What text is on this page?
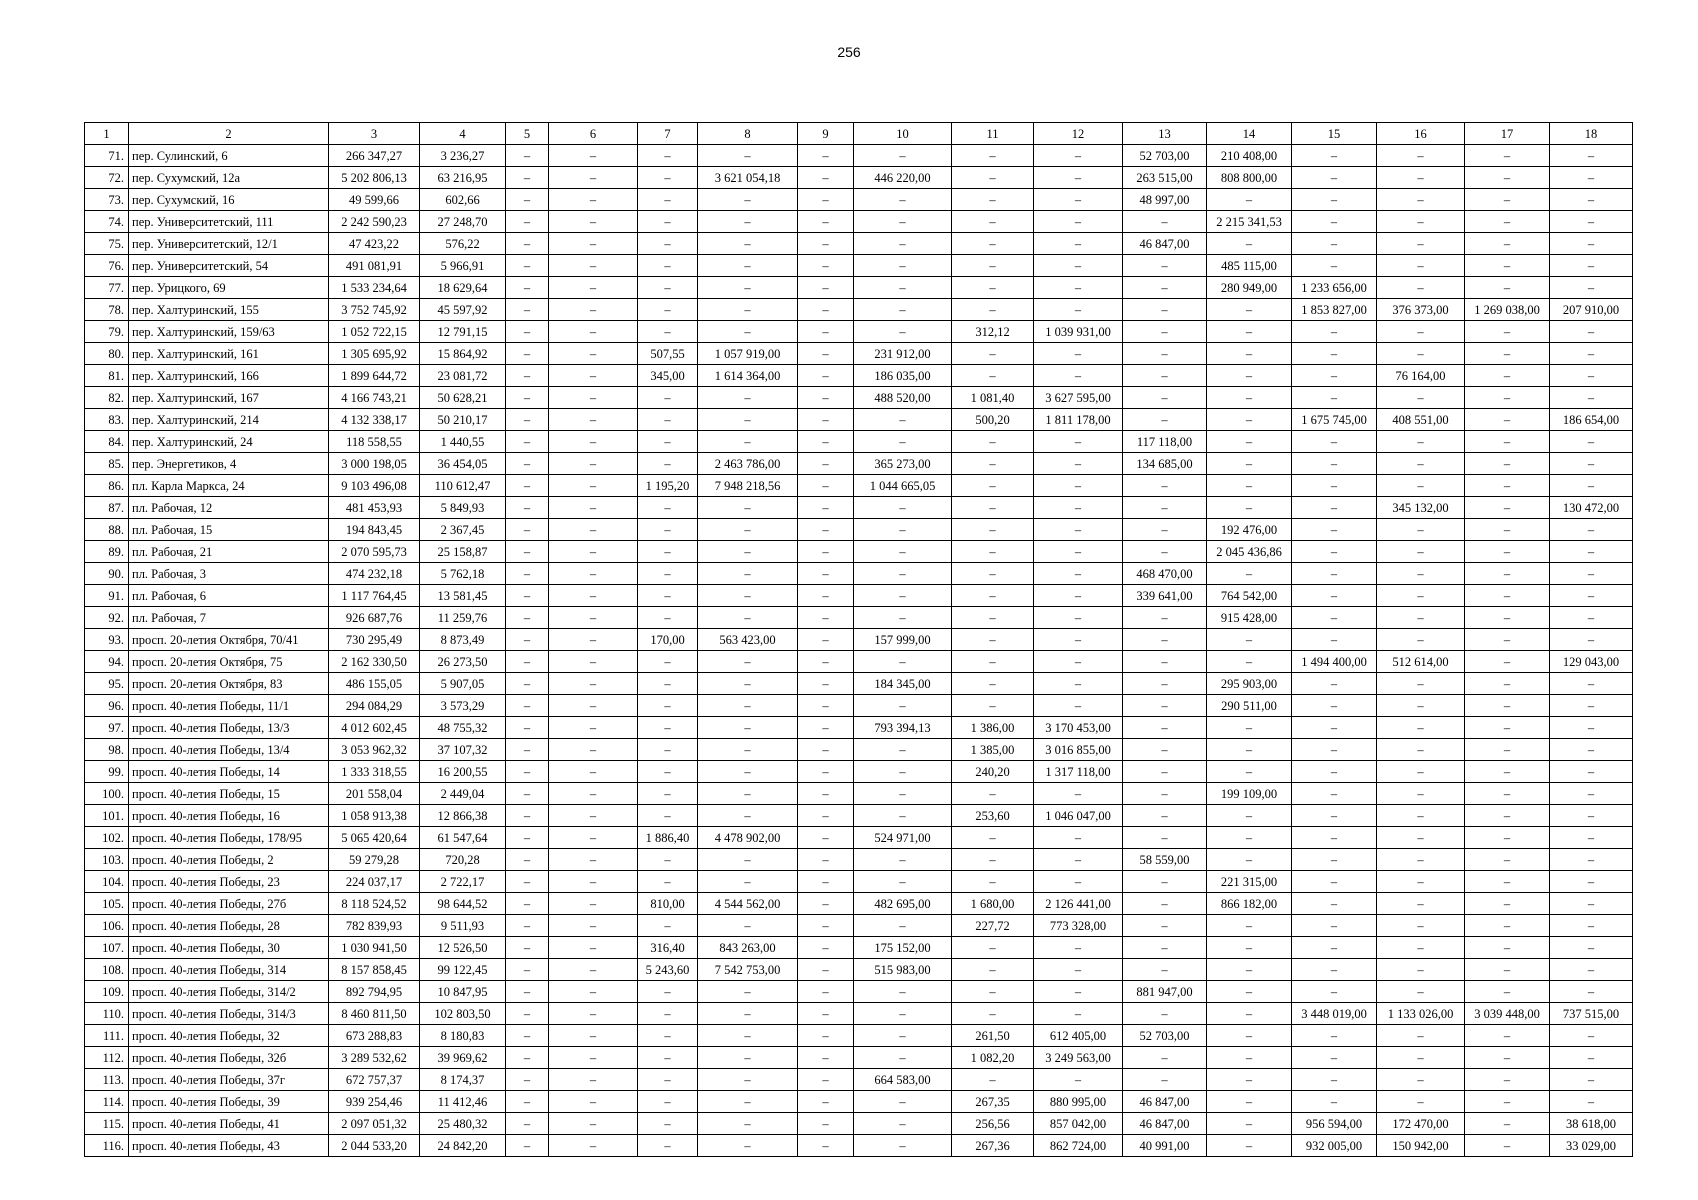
256
1	2	3	4	5	6	7	8	9	10	11	12	13	14	15	16	17	18
71.	пер. Сулинский, 6	266 347,27	3 236,27	–	–	–	–	–	–	–	–	52 703,00	210 408,00	–	–	–	–
72.	пер. Сухумский, 12а	5 202 806,13	63 216,95	–	–	–	3 621 054,18	–	446 220,00	–	–	263 515,00	808 800,00	–	–	–	–
73.	пер. Сухумский, 16	49 599,66	602,66	–	–	–	–	–	–	–	–	48 997,00	–	–	–	–	–
74.	пер. Университетский, 111	2 242 590,23	27 248,70	–	–	–	–	–	–	–	–	–	2 215 341,53	–	–	–	–
75.	пер. Университетский, 12/1	47 423,22	576,22	–	–	–	–	–	–	–	–	46 847,00	–	–	–	–	–
76.	пер. Университетский, 54	491 081,91	5 966,91	–	–	–	–	–	–	–	–	–	485 115,00	–	–	–	–
77.	пер. Урицкого, 69	1 533 234,64	18 629,64	–	–	–	–	–	–	–	–	–	280 949,00	1 233 656,00	–	–	–
78.	пер. Халтуринский, 155	3 752 745,92	45 597,92	–	–	–	–	–	–	–	–	–	–	1 853 827,00	376 373,00	1 269 038,00	207 910,00
79.	пер. Халтуринский, 159/63	1 052 722,15	12 791,15	–	–	–	–	–	–	312,12	1 039 931,00	–	–	–	–	–	–
80.	пер. Халтуринский, 161	1 305 695,92	15 864,92	–	–	507,55	1 057 919,00	–	231 912,00	–	–	–	–	–	–	–	–
81.	пер. Халтуринский, 166	1 899 644,72	23 081,72	–	–	345,00	1 614 364,00	–	186 035,00	–	–	–	–	–	76 164,00	–	–
82.	пер. Халтуринский, 167	4 166 743,21	50 628,21	–	–	–	–	–	488 520,00	1 081,40	3 627 595,00	–	–	–	–	–	–
83.	пер. Халтуринский, 214	4 132 338,17	50 210,17	–	–	–	–	–	–	500,20	1 811 178,00	–	–	1 675 745,00	408 551,00	–	186 654,00
84.	пер. Халтуринский, 24	118 558,55	1 440,55	–	–	–	–	–	–	–	–	117 118,00	–	–	–	–	–
85.	пер. Энергетиков, 4	3 000 198,05	36 454,05	–	–	–	2 463 786,00	–	365 273,00	–	–	134 685,00	–	–	–	–	–
86.	пл. Карла Маркса, 24	9 103 496,08	110 612,47	–	–	1 195,20	7 948 218,56	–	1 044 665,05	–	–	–	–	–	–	–	–
87.	пл. Рабочая, 12	481 453,93	5 849,93	–	–	–	–	–	–	–	–	–	–	–	345 132,00	–	130 472,00
88.	пл. Рабочая, 15	194 843,45	2 367,45	–	–	–	–	–	–	–	–	–	192 476,00	–	–	–	–
89.	пл. Рабочая, 21	2 070 595,73	25 158,87	–	–	–	–	–	–	–	–	–	2 045 436,86	–	–	–	–
90.	пл. Рабочая, 3	474 232,18	5 762,18	–	–	–	–	–	–	–	–	468 470,00	–	–	–	–	–
91.	пл. Рабочая, 6	1 117 764,45	13 581,45	–	–	–	–	–	–	–	–	339 641,00	764 542,00	–	–	–	–
92.	пл. Рабочая, 7	926 687,76	11 259,76	–	–	–	–	–	–	–	–	–	915 428,00	–	–	–	–
93.	просп. 20-летия Октября, 70/41	730 295,49	8 873,49	–	–	170,00	563 423,00	–	157 999,00	–	–	–	–	–	–	–	–
94.	просп. 20-летия Октября, 75	2 162 330,50	26 273,50	–	–	–	–	–	–	–	–	–	–	1 494 400,00	512 614,00	–	129 043,00
95.	просп. 20-летия Октября, 83	486 155,05	5 907,05	–	–	–	–	–	184 345,00	–	–	–	295 903,00	–	–	–	–
96.	просп. 40-летия Победы, 11/1	294 084,29	3 573,29	–	–	–	–	–	–	–	–	–	290 511,00	–	–	–	–
97.	просп. 40-летия Победы, 13/3	4 012 602,45	48 755,32	–	–	–	–	–	793 394,13	1 386,00	3 170 453,00	–	–	–	–	–	–
98.	просп. 40-летия Победы, 13/4	3 053 962,32	37 107,32	–	–	–	–	–	–	1 385,00	3 016 855,00	–	–	–	–	–	–
99.	просп. 40-летия Победы, 14	1 333 318,55	16 200,55	–	–	–	–	–	–	240,20	1 317 118,00	–	–	–	–	–	–
100.	просп. 40-летия Победы, 15	201 558,04	2 449,04	–	–	–	–	–	–	–	–	–	199 109,00	–	–	–	–
101.	просп. 40-летия Победы, 16	1 058 913,38	12 866,38	–	–	–	–	–	–	253,60	1 046 047,00	–	–	–	–	–	–
102.	просп. 40-летия Победы, 178/95	5 065 420,64	61 547,64	–	–	1 886,40	4 478 902,00	–	524 971,00	–	–	–	–	–	–	–	–
103.	просп. 40-летия Победы, 2	59 279,28	720,28	–	–	–	–	–	–	–	–	58 559,00	–	–	–	–	–
104.	просп. 40-летия Победы, 23	224 037,17	2 722,17	–	–	–	–	–	–	–	–	–	221 315,00	–	–	–	–
105.	просп. 40-летия Победы, 27б	8 118 524,52	98 644,52	–	–	810,00	4 544 562,00	–	482 695,00	1 680,00	2 126 441,00	–	866 182,00	–	–	–	–
106.	просп. 40-летия Победы, 28	782 839,93	9 511,93	–	–	–	–	–	–	227,72	773 328,00	–	–	–	–	–	–
107.	просп. 40-летия Победы, 30	1 030 941,50	12 526,50	–	–	316,40	843 263,00	–	175 152,00	–	–	–	–	–	–	–	–
108.	просп. 40-летия Победы, 314	8 157 858,45	99 122,45	–	–	5 243,60	7 542 753,00	–	515 983,00	–	–	–	–	–	–	–	–
109.	просп. 40-летия Победы, 314/2	892 794,95	10 847,95	–	–	–	–	–	–	–	–	881 947,00	–	–	–	–	–
110.	просп. 40-летия Победы, 314/3	8 460 811,50	102 803,50	–	–	–	–	–	–	–	–	–	–	3 448 019,00	1 133 026,00	3 039 448,00	737 515,00
111.	просп. 40-летия Победы, 32	673 288,83	8 180,83	–	–	–	–	–	–	261,50	612 405,00	52 703,00	–	–	–	–	–
112.	просп. 40-летия Победы, 32б	3 289 532,62	39 969,62	–	–	–	–	–	–	1 082,20	3 249 563,00	–	–	–	–	–	–
113.	просп. 40-летия Победы, 37г	672 757,37	8 174,37	–	–	–	–	–	664 583,00	–	–	–	–	–	–	–	–
114.	просп. 40-летия Победы, 39	939 254,46	11 412,46	–	–	–	–	–	–	267,35	880 995,00	46 847,00	–	–	–	–	–
115.	просп. 40-летия Победы, 41	2 097 051,32	25 480,32	–	–	–	–	–	–	256,56	857 042,00	46 847,00	–	956 594,00	172 470,00	–	38 618,00
116.	просп. 40-летия Победы, 43	2 044 533,20	24 842,20	–	–	–	–	–	–	267,36	862 724,00	40 991,00	–	932 005,00	150 942,00	–	33 029,00
